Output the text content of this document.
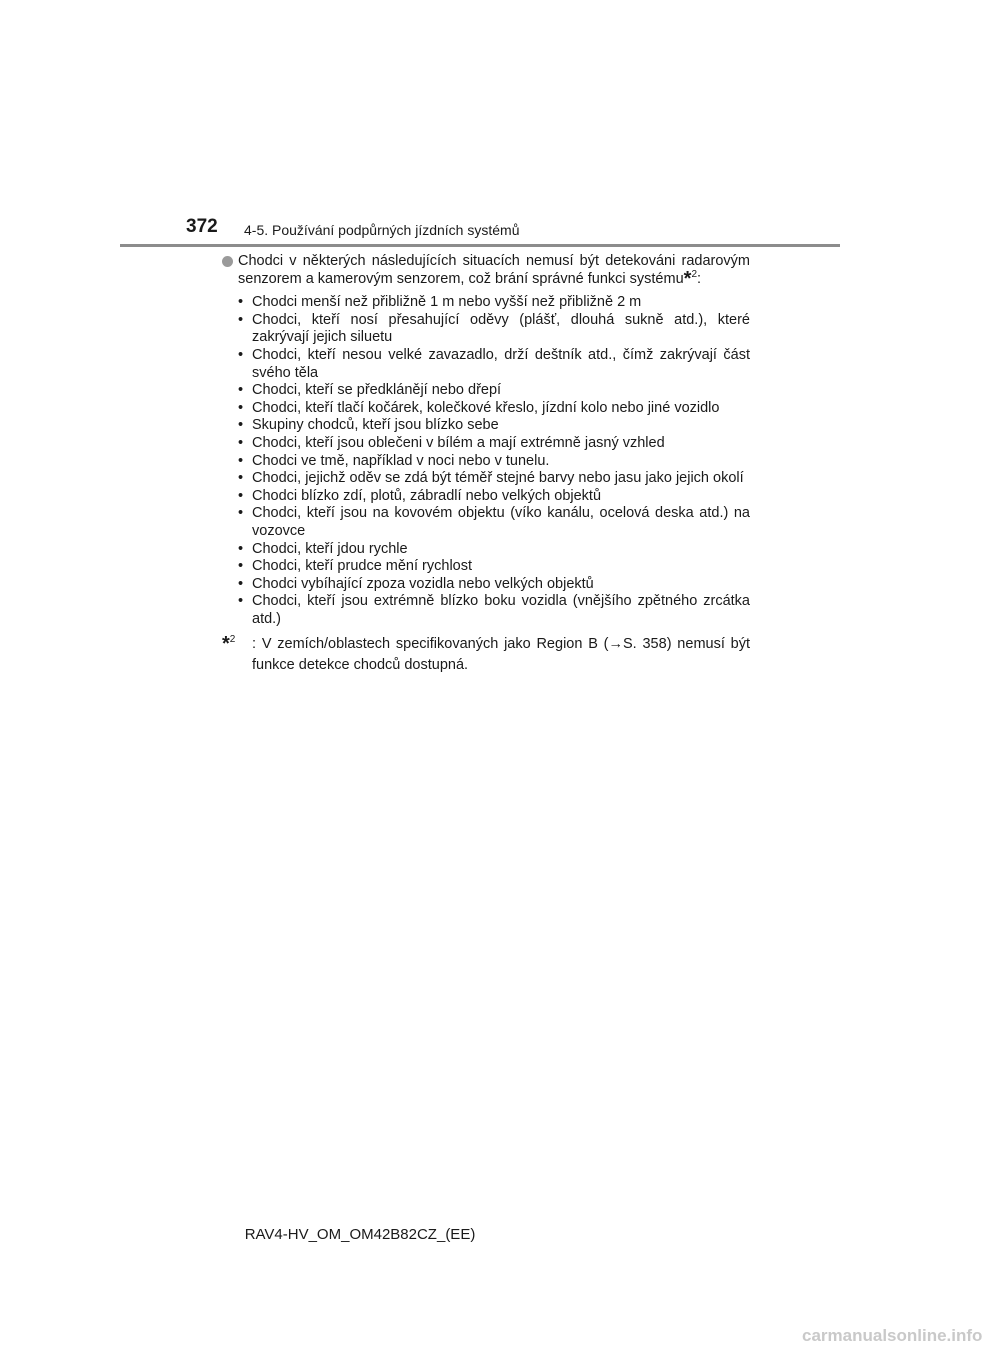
372 4-5. Používání podpůrných jízdních systémů
Chodci v některých následujících situacích nemusí být detekováni radarovým senzorem a kamerovým senzorem, což brání správné funkci systému*$^2$:
• Chodci menší než přibližně 1 m nebo vyšší než přibližně 2 m
• Chodci, kteří nosí přesahující oděvy (plášť, dlouhá sukně atd.), které zakrývají jejich siluetu
• Chodci, kteří nesou velké zavazadlo, drží deštník atd., čímž zakrývají část svého těla
• Chodci, kteří se předklánějí nebo dřepí
• Chodci, kteří tlačí kočárek, kolečkové křeslo, jízdní kolo nebo jiné vozidlo
• Skupiny chodců, kteří jsou blízko sebe
• Chodci, kteří jsou oblečeni v bílém a mají extrémně jasný vzhled
• Chodci ve tmě, například v noci nebo v tunelu.
• Chodci, jejichž oděv se zdá být téměř stejné barvy nebo jasu jako jejich okolí
• Chodci blízko zdí, plotů, zábradlí nebo velkých objektů
• Chodci, kteří jsou na kovovém objektu (víko kanálu, ocelová deska atd.) na vozovce
• Chodci, kteří jdou rychle
• Chodci, kteří prudce mění rychlost
• Chodci vybíhající zpoza vozidla nebo velkých objektů
• Chodci, kteří jsou extrémně blízko boku vozidla (vnějšího zpětného zrcátka atd.)
*$^2$ : V zemích/oblastech specifikovaných jako Region B (→S. 358) nemusí být funkce detekce chodců dostupná.
RAV4-HV_OM_OM42B82CZ_(EE)
carmanualsonline.info
